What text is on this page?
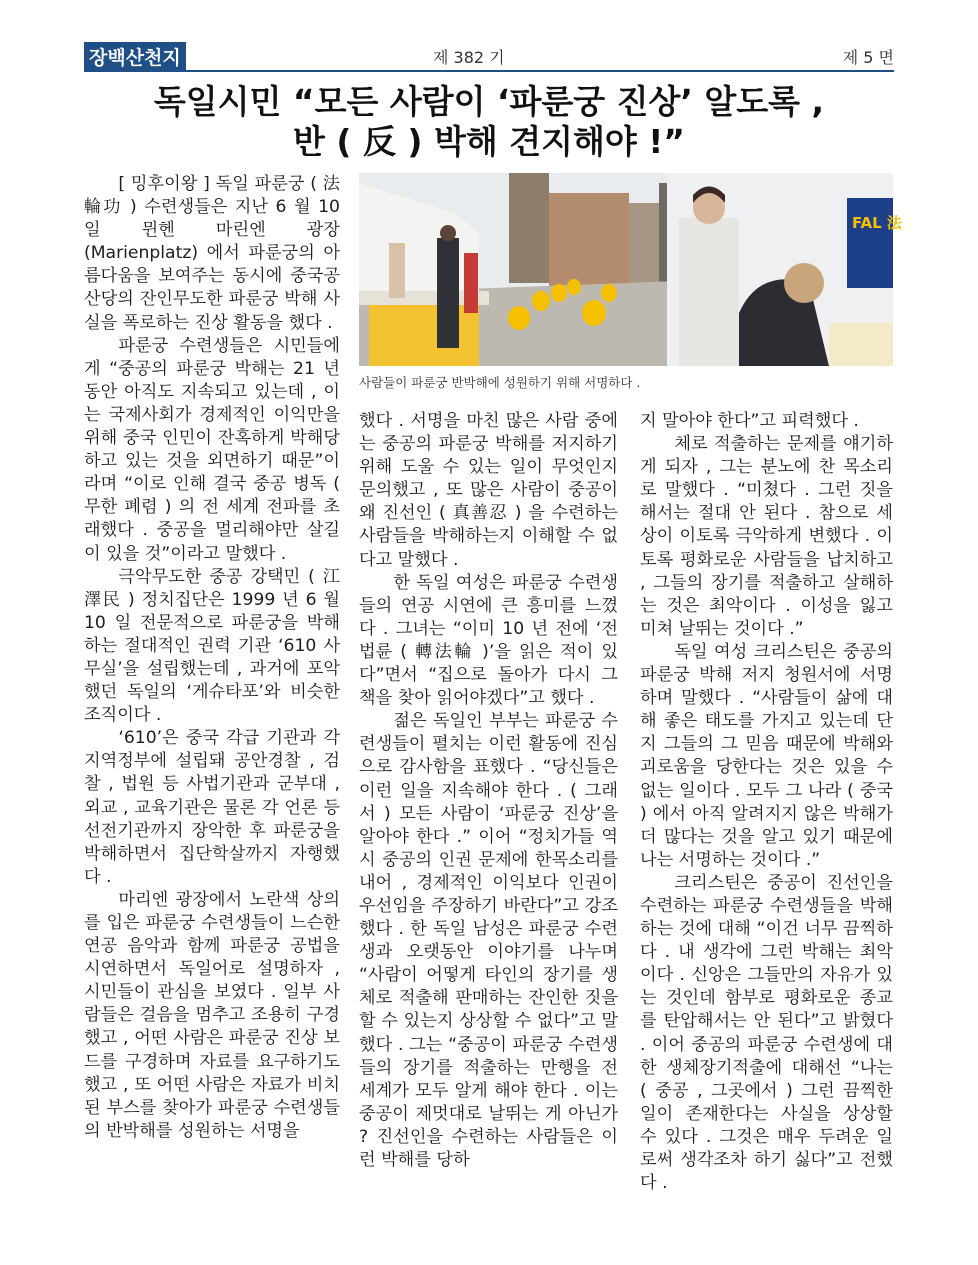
장백산천지	제 382 기	제 5 면
독일시민 “모든 사람이 ‘파룬궁 진상’ 알도록 ,
반 ( 反 ) 박해 견지해야 !”

[ 밍후이왕 ] 독일 파룬궁 ( 法輪功 ) 수련생들은 지난 6 월 10 일 뮌헨 마린엔 광장 (Marienplatz) 에서 파룬궁의 아름다움을 보여주는 동시에 중국공산당의 잔인무도한 파룬궁 박해 사실을 폭로하는 진상 활동을 했다 .

파룬궁 수련생들은 시민들에게 “중공의 파룬궁 박해는 21 년 동안 아직도 지속되고 있는데 , 이는 국제사회가 경제적인 이익만을 위해 중국 인민이 잔혹하게 박해당하고 있는 것을 외면하기 때문”이라며 “이로 인해 결국 중공 병독 ( 무한 폐렴 ) 의 전 세계 전파를 초래했다 . 중공을 멀리해야만 살길이 있을 것”이라고 말했다 .

극악무도한 중공 강택민 ( 江澤民 ) 정치집단은 1999 년 6 월 10 일 전문적으로 파룬궁을 박해하는 절대적인 권력 기관 ‘610 사무실’을 설립했는데 , 과거에 포악했던 독일의 ‘게슈타포’와 비슷한 조직이다 .

‘610’은 중국 각급 기관과 각 지역정부에 설립돼 공안경찰 , 검찰 , 법원 등 사법기관과 군부대 , 외교 , 교육기관은 물론 각 언론 등 선전기관까지 장악한 후 파룬궁을 박해하면서 집단학살까지 자행했다 .

마리엔 광장에서 노란색 상의를 입은 파룬궁 수련생들이 느슨한 연공 음악과 함께 파룬궁 공법을 시연하면서 독일어로 설명하자 , 시민들이 관심을 보였다 . 일부 사람들은 걸음을 멈추고 조용히 구경했고 , 어떤 사람은 파룬궁 진상 보드를 구경하며 자료를 요구하기도 했고 , 또 어떤 사람은 자료가 비치된 부스를 찾아가 파룬궁 수련생들의 반박해를 성원하는 서명을

FAL 法
사람들이 파룬궁 반박해에 성원하기 위해 서명하다 .

했다 . 서명을 마친 많은 사람 중에는 중공의 파룬궁 박해를 저지하기 위해 도울 수 있는 일이 무엇인지 문의했고 , 또 많은 사람이 중공이 왜 진선인 ( 真善忍 ) 을 수련하는 사람들을 박해하는지 이해할 수 없다고 말했다 .

한 독일 여성은 파룬궁 수련생들의 연공 시연에 큰 흥미를 느꼈다 . 그녀는 “이미 10 년 전에 ‘전법륜 ( 轉法輪 )’을 읽은 적이 있다”면서 “집으로 돌아가 다시 그 책을 찾아 읽어야겠다”고 했다 .

젊은 독일인 부부는 파룬궁 수련생들이 펼치는 이런 활동에 진심으로 감사함을 표했다 . “당신들은 이런 일을 지속해야 한다 . ( 그래서 ) 모든 사람이 ‘파룬궁 진상’을 알아야 한다 .” 이어 “정치가들 역시 중공의 인권 문제에 한목소리를 내어 , 경제적인 이익보다 인권이 우선임을 주장하기 바란다”고 강조했다 . 한 독일 남성은 파룬궁 수련생과 오랫동안 이야기를 나누며 “사람이 어떻게 타인의 장기를 생체로 적출해 판매하는 잔인한 짓을 할 수 있는지 상상할 수 없다”고 말했다 . 그는 “중공이 파룬궁 수련생들의 장기를 적출하는 만행을 전 세계가 모두 알게 해야 한다 . 이는 중공이 제멋대로 날뛰는 게 아닌가 ? 진선인을 수련하는 사람들은 이런 박해를 당하

지 말아야 한다”고 피력했다 .

체로 적출하는 문제를 얘기하게 되자 , 그는 분노에 찬 목소리로 말했다 . “미쳤다 . 그런 짓을 해서는 절대 안 된다 . 참으로 세상이 이토록 극악하게 변했다 . 이토록 평화로운 사람들을 납치하고 , 그들의 장기를 적출하고 살해하는 것은 최악이다 . 이성을 잃고 미쳐 날뛰는 것이다 .”

독일 여성 크리스틴은 중공의 파룬궁 박해 저지 청원서에 서명하며 말했다 . “사람들이 삶에 대해 좋은 태도를 가지고 있는데 단지 그들의 그 믿음 때문에 박해와 괴로움을 당한다는 것은 있을 수 없는 일이다 . 모두 그 나라 ( 중국 ) 에서 아직 알려지지 않은 박해가 더 많다는 것을 알고 있기 때문에 나는 서명하는 것이다 .”

크리스틴은 중공이 진선인을 수련하는 파룬궁 수련생들을 박해하는 것에 대해 “이건 너무 끔찍하다 . 내 생각에 그런 박해는 최악이다 . 신앙은 그들만의 자유가 있는 것인데 함부로 평화로운 종교를 탄압해서는 안 된다”고 밝혔다 . 이어 중공의 파룬궁 수련생에 대한 생체장기적출에 대해선 “나는 ( 중공 , 그곳에서 ) 그런 끔찍한 일이 존재한다는 사실을 상상할 수 있다 . 그것은 매우 두려운 일로써 생각조차 하기 싫다”고 전했다 .
